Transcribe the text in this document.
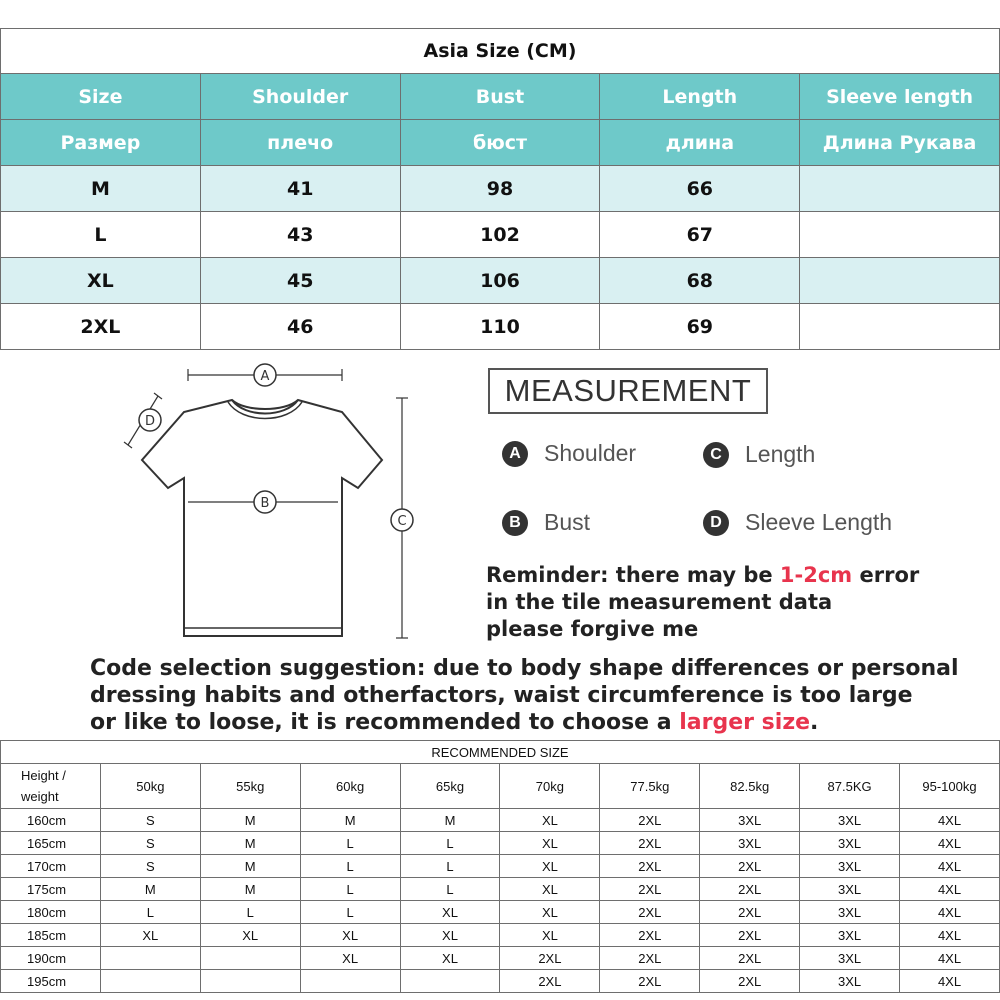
Asia Size (CM)				
Size	Shoulder	Bust	Length	Sleeve length
Размер	плечо	бюст	длина	Длина Рукава
M	41	98	66	
L	43	102	67	
XL	45	106	68	
2XL	46	110	69	
A
B
C
D
MEASUREMENT
A	Shoulder	C	Length
B	Bust	D	Sleeve Length
Reminder: there may be 1-2cm error
in the tile measurement data
please forgive me
Code selection suggestion: due to body shape differences or personal
dressing habits and otherfactors, waist circumference is too large
or like to loose, it is recommended to choose a larger size.
RECOMMENDED SIZE									
Height /
weight	50kg	55kg	60kg	65kg	70kg	77.5kg	82.5kg	87.5KG	95-100kg
160cm	S	M	M	M	XL	2XL	3XL	3XL	4XL
165cm	S	M	L	L	XL	2XL	3XL	3XL	4XL
170cm	S	M	L	L	XL	2XL	2XL	3XL	4XL
175cm	M	M	L	L	XL	2XL	2XL	3XL	4XL
180cm	L	L	L	XL	XL	2XL	2XL	3XL	4XL
185cm	XL	XL	XL	XL	XL	2XL	2XL	3XL	4XL
190cm			XL	XL	2XL	2XL	2XL	3XL	4XL
195cm					2XL	2XL	2XL	3XL	4XL
